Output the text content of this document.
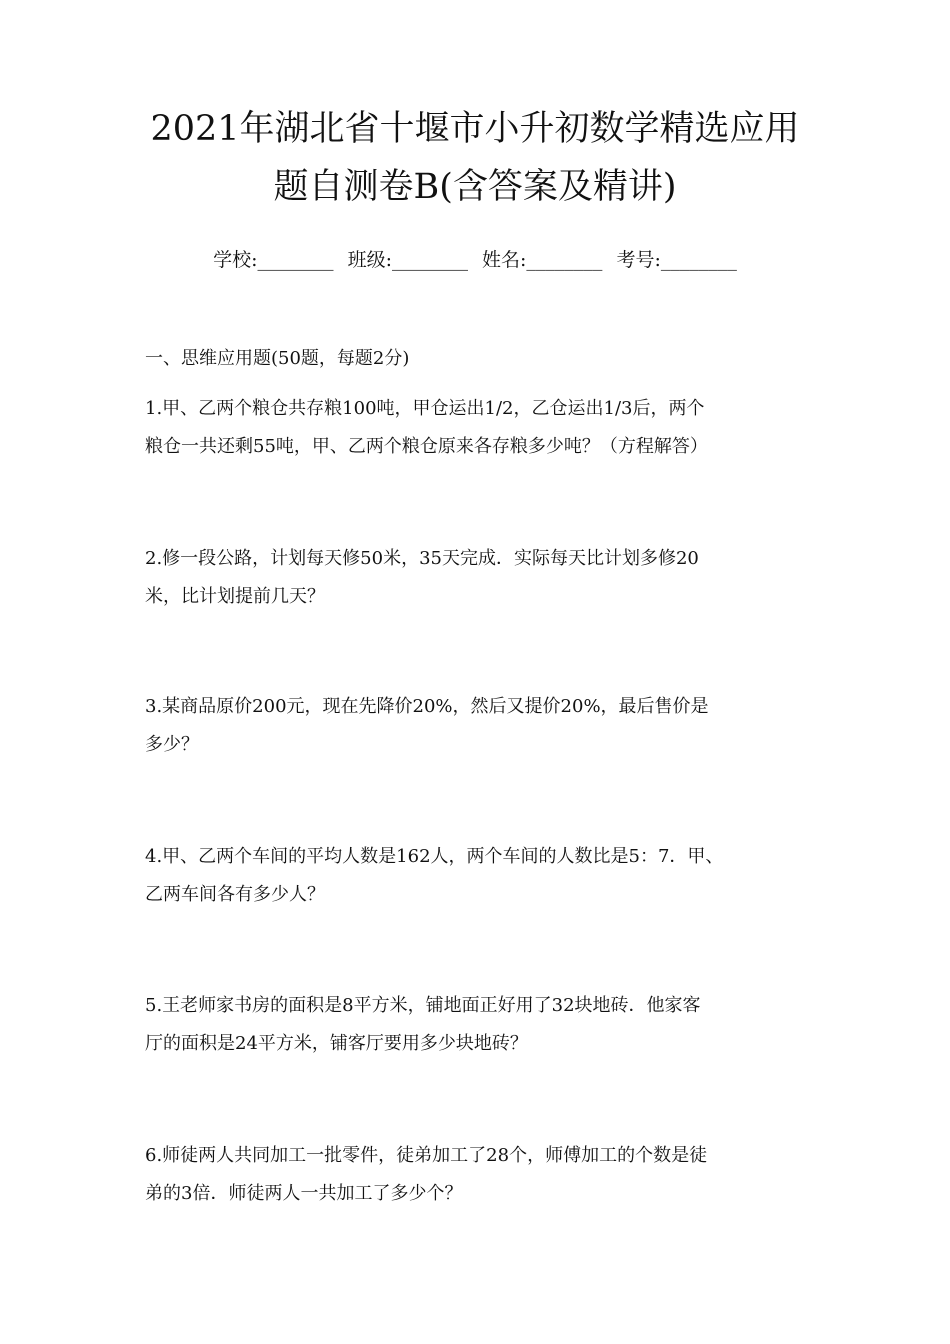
2021年湖北省十堰市小升初数学精选应用
题自测卷B(含答案及精讲)
学校:________ 班级:________ 姓名:________ 考号:________
一、思维应用题(50题，每题2分)
1.甲、乙两个粮仓共存粮100吨，甲仓运出1/2，乙仓运出1/3后，两个
粮仓一共还剩55吨，甲、乙两个粮仓原来各存粮多少吨？（方程解答）
2.修一段公路，计划每天修50米，35天完成．实际每天比计划多修20
米，比计划提前几天？
3.某商品原价200元，现在先降价20%，然后又提价20%，最后售价是
多少？
4.甲、乙两个车间的平均人数是162人，两个车间的人数比是5：7．甲、
乙两车间各有多少人？
5.王老师家书房的面积是8平方米，铺地面正好用了32块地砖．他家客
厅的面积是24平方米，铺客厅要用多少块地砖？
6.师徒两人共同加工一批零件，徒弟加工了28个，师傅加工的个数是徒
弟的3倍．师徒两人一共加工了多少个？
